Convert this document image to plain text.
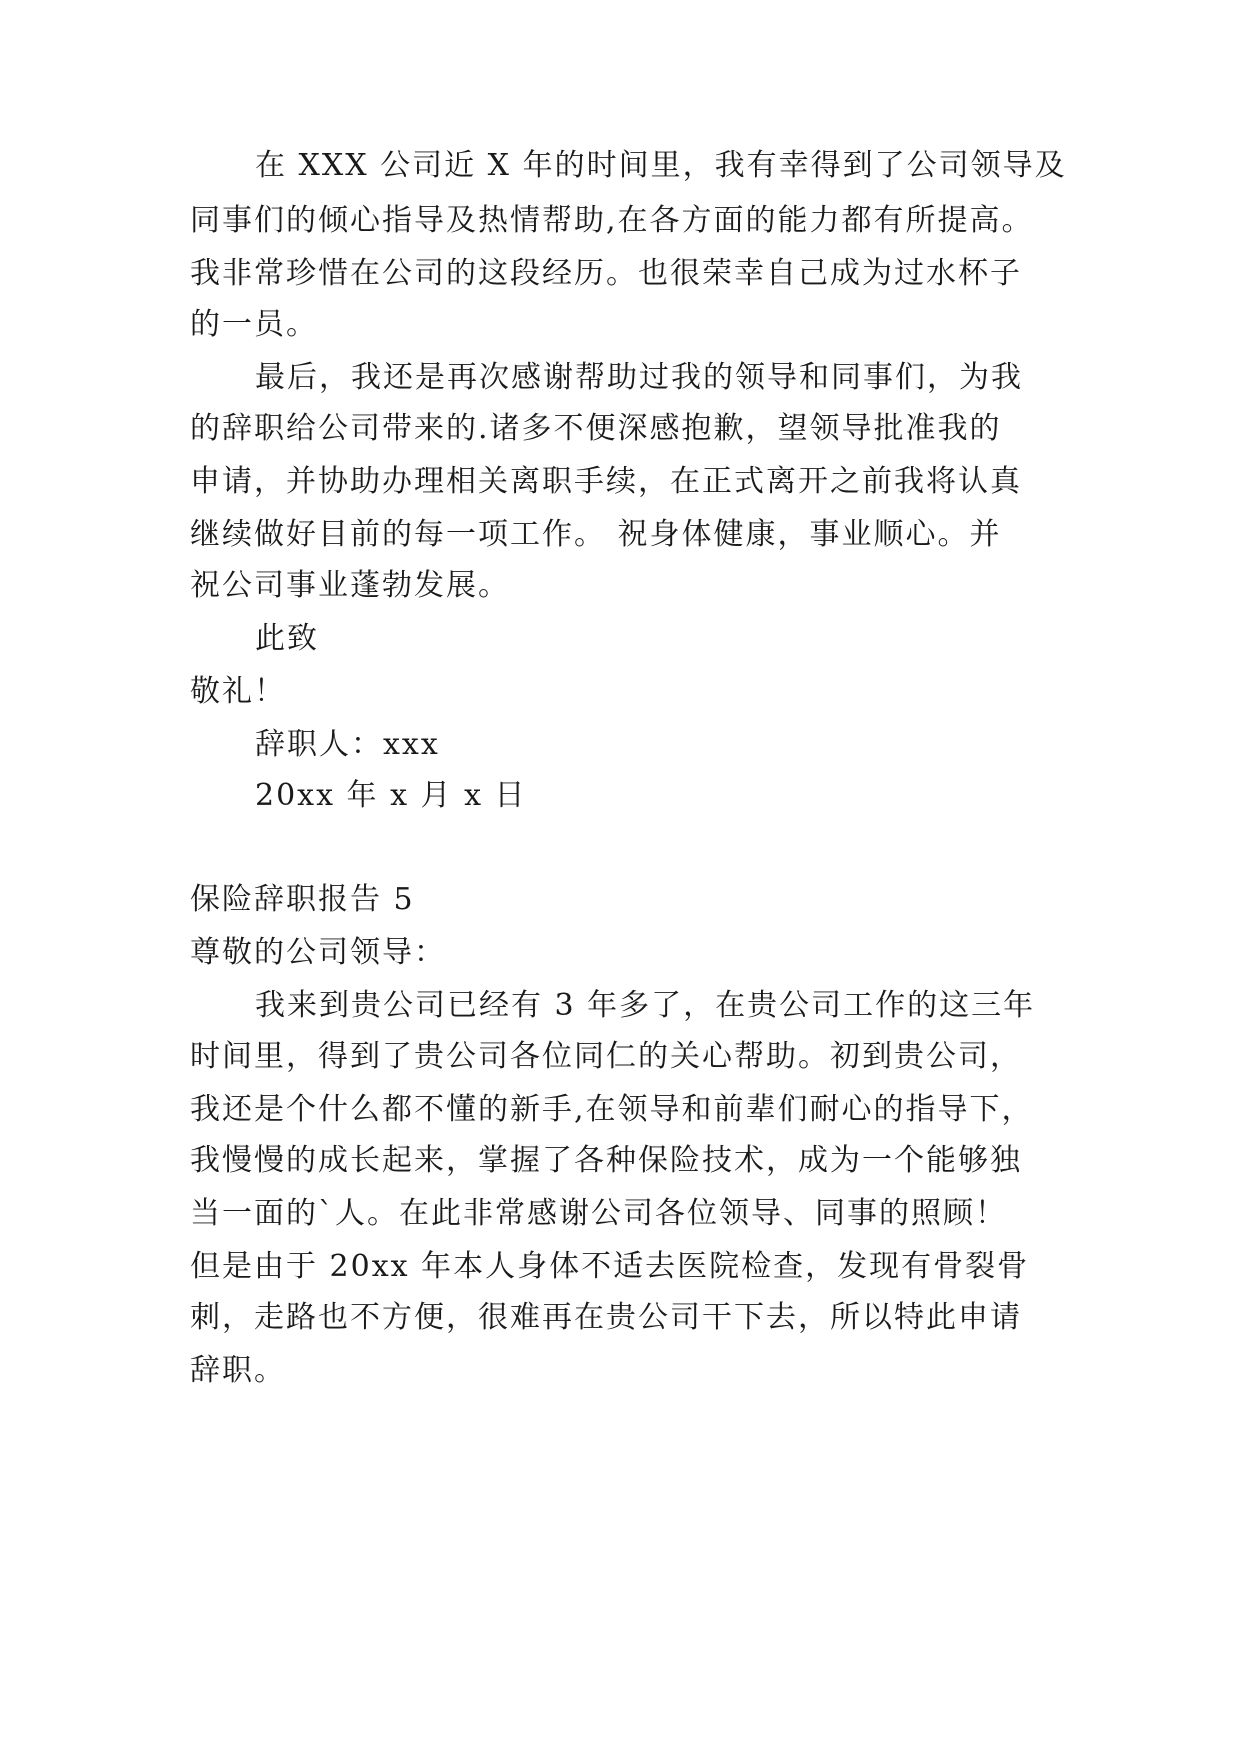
在 XXX 公司近 X 年的时间里，我有幸得到了公司领导及
同事们的倾心指导及热情帮助,在各方面的能力都有所提高。
我非常珍惜在公司的这段经历。也很荣幸自己成为过水杯子
的一员。
最后，我还是再次感谢帮助过我的领导和同事们，为我
的辞职给公司带来的.诸多不便深感抱歉，望领导批准我的
申请，并协助办理相关离职手续，在正式离开之前我将认真
继续做好目前的每一项工作。 祝身体健康，事业顺心。并
祝公司事业蓬勃发展。
此致
敬礼！
辞职人：xxx
20xx 年 x 月 x 日
保险辞职报告 5
尊敬的公司领导：
我来到贵公司已经有 3 年多了，在贵公司工作的这三年
时间里，得到了贵公司各位同仁的关心帮助。初到贵公司，
我还是个什么都不懂的新手,在领导和前辈们耐心的指导下，
我慢慢的成长起来，掌握了各种保险技术，成为一个能够独
当一面的`人。在此非常感谢公司各位领导、同事的照顾！
但是由于 20xx 年本人身体不适去医院检查，发现有骨裂骨
刺，走路也不方便，很难再在贵公司干下去，所以特此申请
辞职。
